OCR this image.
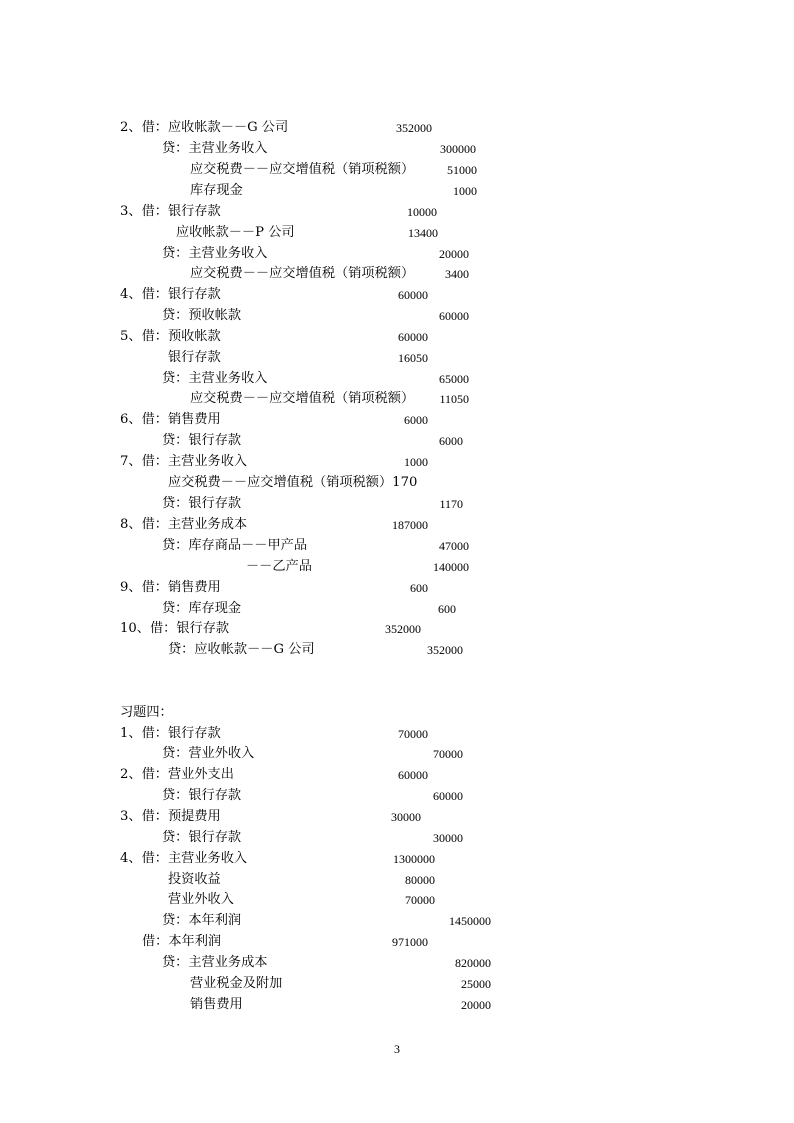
2、借：应收帐款－－G 公司	352000
贷：主营业务收入	300000
应交税费－－应交增值税（销项税额）	51000
库存现金	1000
3、借：银行存款	10000
应收帐款－－P 公司	13400
贷：主营业务收入	20000
应交税费－－应交增值税（销项税额）	3400
4、借：银行存款	60000
贷：预收帐款	60000
5、借：预收帐款	60000
银行存款	16050
贷：主营业务收入	65000
应交税费－－应交增值税（销项税额）	11050
6、借：销售费用	6000
贷：银行存款	6000
7、借：主营业务收入	1000
应交税费－－应交增值税（销项税额）170
贷：银行存款	1170
8、借：主营业务成本	187000
贷：库存商品－－甲产品	47000
－－乙产品	140000
9、借：销售费用	600
贷：库存现金	600
10、借：银行存款	352000
贷：应收帐款－－G 公司	352000
习题四：
1、借：银行存款	70000
贷：营业外收入	70000
2、借：营业外支出	60000
贷：银行存款	60000
3、借：预提费用	30000
贷：银行存款	30000
4、借：主营业务收入	1300000
投资收益	80000
营业外收入	70000
贷：本年利润	1450000
借：本年利润	971000
贷：主营业务成本	820000
营业税金及附加	25000
销售费用	20000
3
